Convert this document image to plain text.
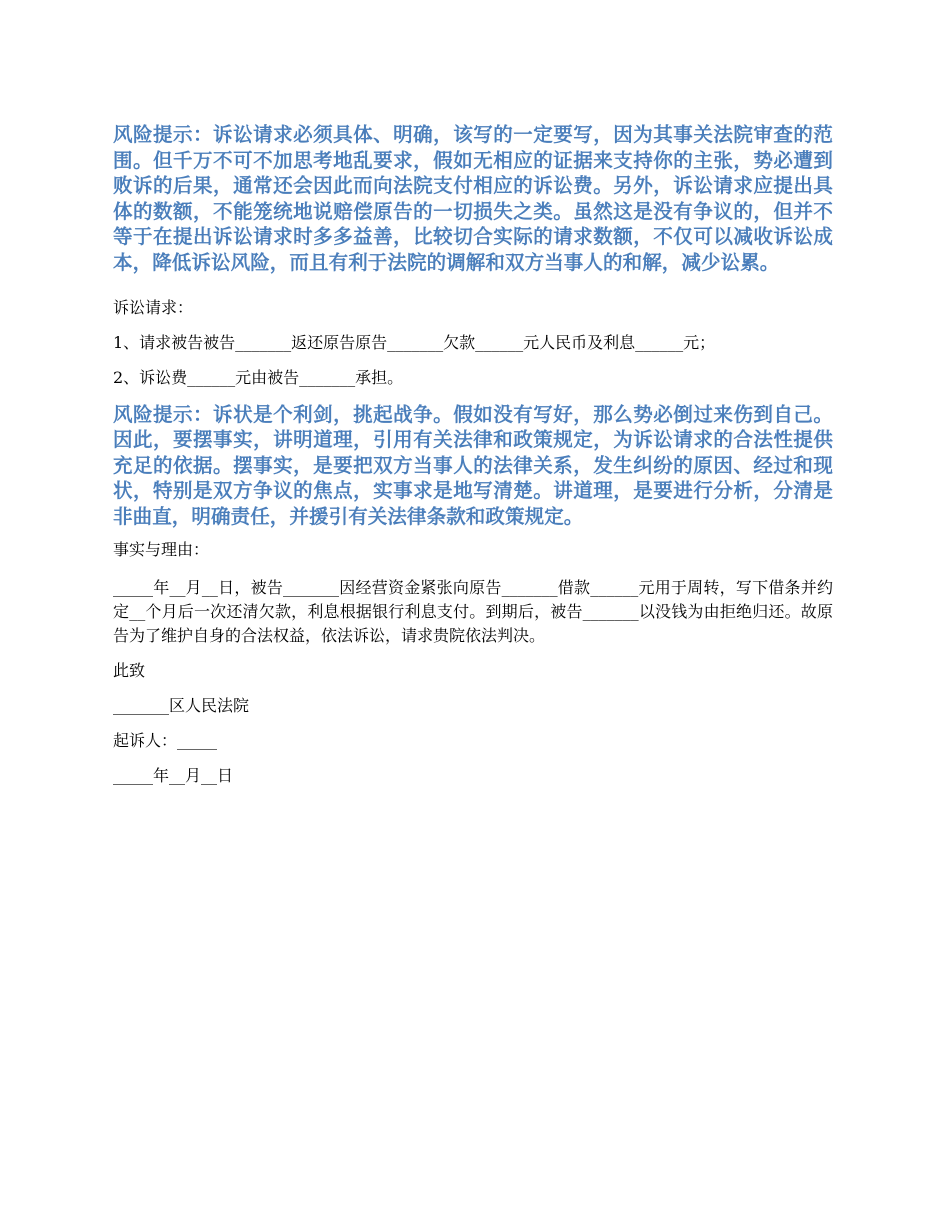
风险提示：诉讼请求必须具体、明确，该写的一定要写，因为其事关法院审查的范围。但千万不可不加思考地乱要求，假如无相应的证据来支持你的主张，势必遭到败诉的后果，通常还会因此而向法院支付相应的诉讼费。另外，诉讼请求应提出具体的数额，不能笼统地说赔偿原告的一切损失之类。虽然这是没有争议的，但并不等于在提出诉讼请求时多多益善，比较切合实际的请求数额，不仅可以减收诉讼成本，降低诉讼风险，而且有利于法院的调解和双方当事人的和解，减少讼累。

诉讼请求：

1、请求被告被告_______返还原告原告_______欠款______元人民币及利息______元；

2、诉讼费______元由被告_______承担。

风险提示：诉状是个利剑，挑起战争。假如没有写好，那么势必倒过来伤到自己。因此，要摆事实，讲明道理，引用有关法律和政策规定，为诉讼请求的合法性提供充足的依据。摆事实，是要把双方当事人的法律关系，发生纠纷的原因、经过和现状，特别是双方争议的焦点，实事求是地写清楚。讲道理，是要进行分析，分清是非曲直，明确责任，并援引有关法律条款和政策规定。

事实与理由：

_____年__月__日，被告_______因经营资金紧张向原告_______借款______元用于周转，写下借条并约定__个月后一次还清欠款，利息根据银行利息支付。到期后，被告_______以没钱为由拒绝归还。故原告为了维护自身的合法权益，依法诉讼，请求贵院依法判决。

此致

_______区人民法院

起诉人：_____

_____年__月__日
